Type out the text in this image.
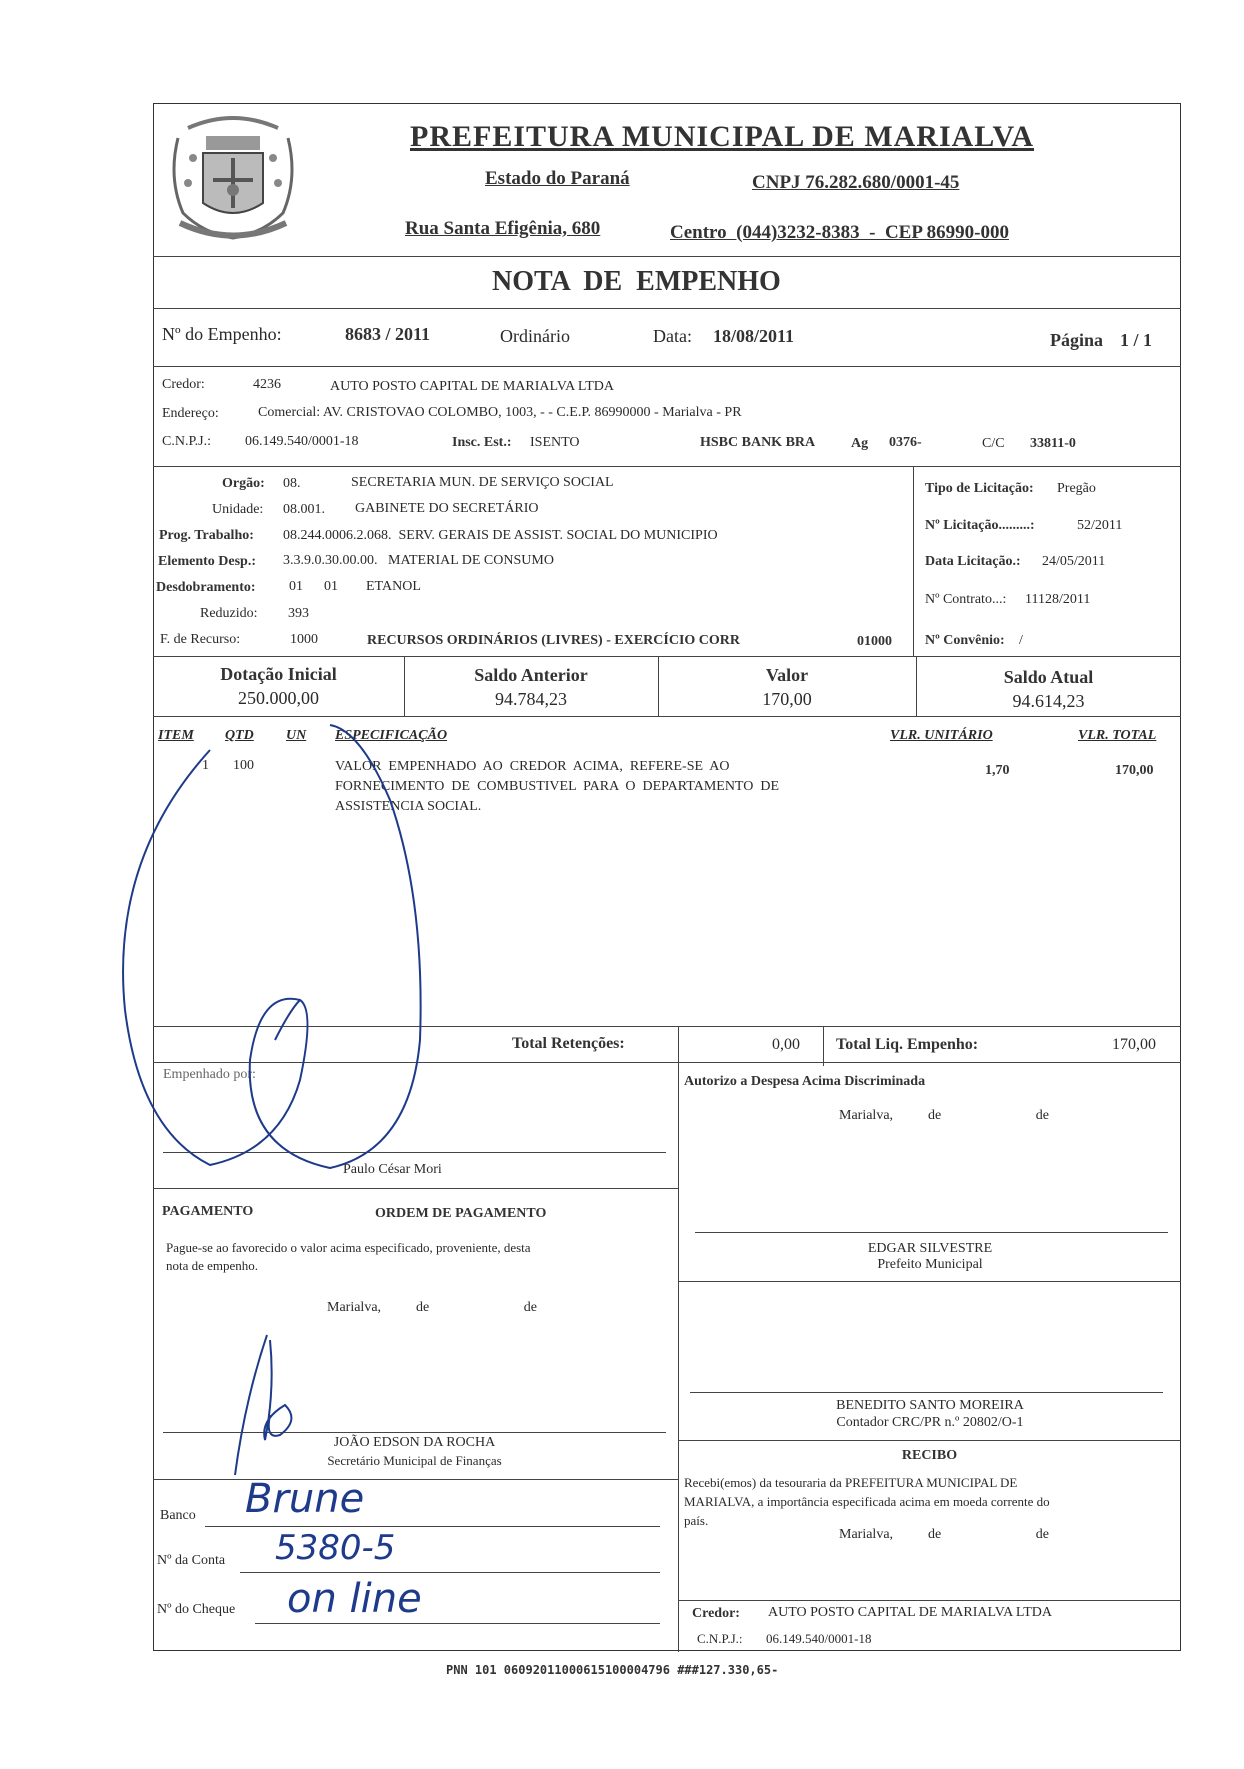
PREFEITURA MUNICIPAL DE MARIALVA
Estado do Paraná	CNPJ 76.282.680/0001-45
Rua Santa Efigênia, 680	Centro  (044)3232-8383  -  CEP 86990-000
NOTA  DE  EMPENHO
Nº do Empenho:	8683 / 2011	Ordinário	Data: 18/08/2011	Página 1 / 1
Credor:	4236	AUTO POSTO CAPITAL DE MARIALVA LTDA
Endereço:	Comercial: AV. CRISTOVAO COLOMBO, 1003, - - C.E.P. 86990000 - Marialva - PR
C.N.P.J.: 06.149.540/0001-18	Insc. Est.: ISENTO	HSBC BANK BRA	Ag 0376-	C/C 33811-0
Orgão: 08.	SECRETARIA MUN. DE SERVIÇO SOCIAL
Unidade: 08.001. GABINETE DO SECRETÁRIO
Prog. Trabalho: 08.244.0006.2.068.  SERV. GERAIS DE ASSIST. SOCIAL DO MUNICIPIO
Elemento Desp.: 3.3.9.0.30.00.00.   MATERIAL DE CONSUMO
Desdobramento: 01      01        ETANOL
Reduzido: 393
F. de Recurso:	1000	RECURSOS ORDINÁRIOS (LIVRES) - EXERCÍCIO CORR	01000
Tipo de Licitação: Pregão
Nº Licitação.........:	52/2011
Data Licitação.: 24/05/2011
Nº Contrato...: 11128/2011
Nº Convênio: /
Dotação Inicial
250.000,00
Saldo Anterior
94.784,23
Valor
170,00
Saldo Atual
94.614,23
ITEM QTD UN ESPECIFICAÇÃO	VLR. UNITÁRIO	VLR. TOTAL
1 100	VALOR  EMPENHADO  AO  CREDOR  ACIMA,  REFERE-SE  AO
FORNECIMENTO  DE  COMBUSTIVEL  PARA  O  DEPARTAMENTO  DE
ASSISTENCIA SOCIAL.
1,70	170,00
Total Retenções:	0,00 Total Liq. Empenho:	170,00
Empenhado por:
Paulo César Mori
Autorizo a Despesa Acima Discriminada
Marialva,          de                           de
EDGAR SILVESTRE
Prefeito Municipal
BENEDITO SANTO MOREIRA
Contador CRC/PR n.º 20802/O-1
PAGAMENTO	ORDEM DE PAGAMENTO
Pague-se ao favorecido o valor acima especificado, proveniente, desta
nota de empenho.
Marialva,          de                           de
JOÃO EDSON DA ROCHA
Secretário Municipal de Finanças
Banco Brune
Nº da Conta 5380-5
Nº do Cheque on line
RECIBO
Recebi(emos) da tesouraria da PREFEITURA MUNICIPAL DE
MARIALVA, a importância especificada acima em moeda corrente do
país.
Marialva,          de                           de
Credor: AUTO POSTO CAPITAL DE MARIALVA LTDA
C.N.P.J.: 06.149.540/0001-18
PNN 101 06092011000615100004796 ###127.330,65-
